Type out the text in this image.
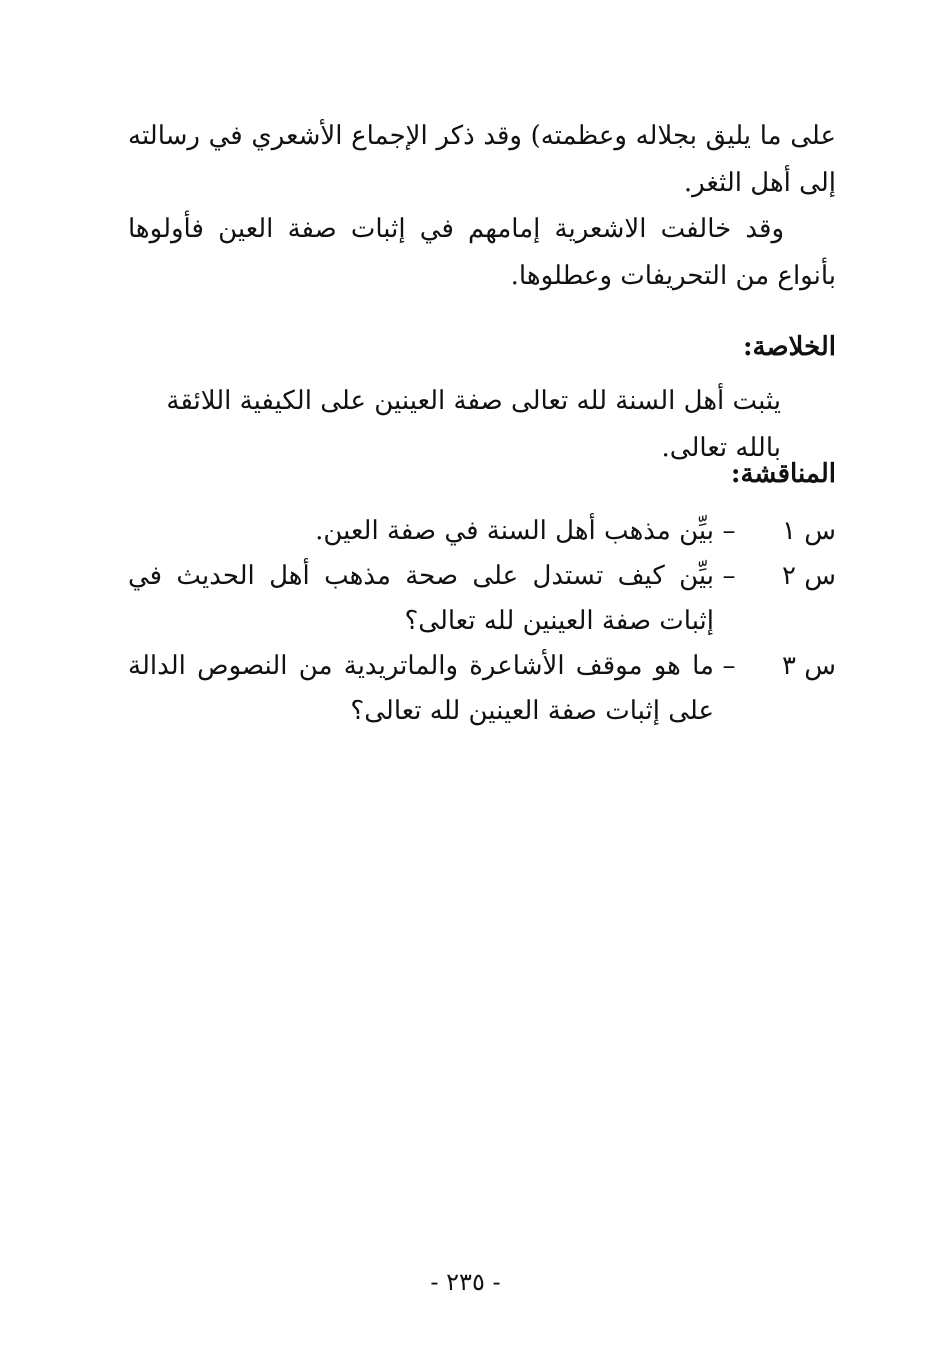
على ما يليق بجلاله وعظمته) وقد ذكر الإجماع الأشعري في رسالته إلى أهل الثغر.

وقد خالفت الاشعرية إمامهم في إثبات صفة العين فأولوها بأنواع من التحريفات وعطلوها.

الخلاصة:

يثبت أهل السنة لله تعالى صفة العينين على الكيفية اللائقة بالله تعالى.

المناقشة:
س ١
–
بيِّن مذهب أهل السنة في صفة العين.
س ٢
–
بيِّن كيف تستدل على صحة مذهب أهل الحديث في إثبات صفة العينين لله تعالى؟
س ٣
–
ما هو موقف الأشاعرة والماتريدية من النصوص الدالة على إثبات صفة العينين لله تعالى؟
- ٢٣٥ -
